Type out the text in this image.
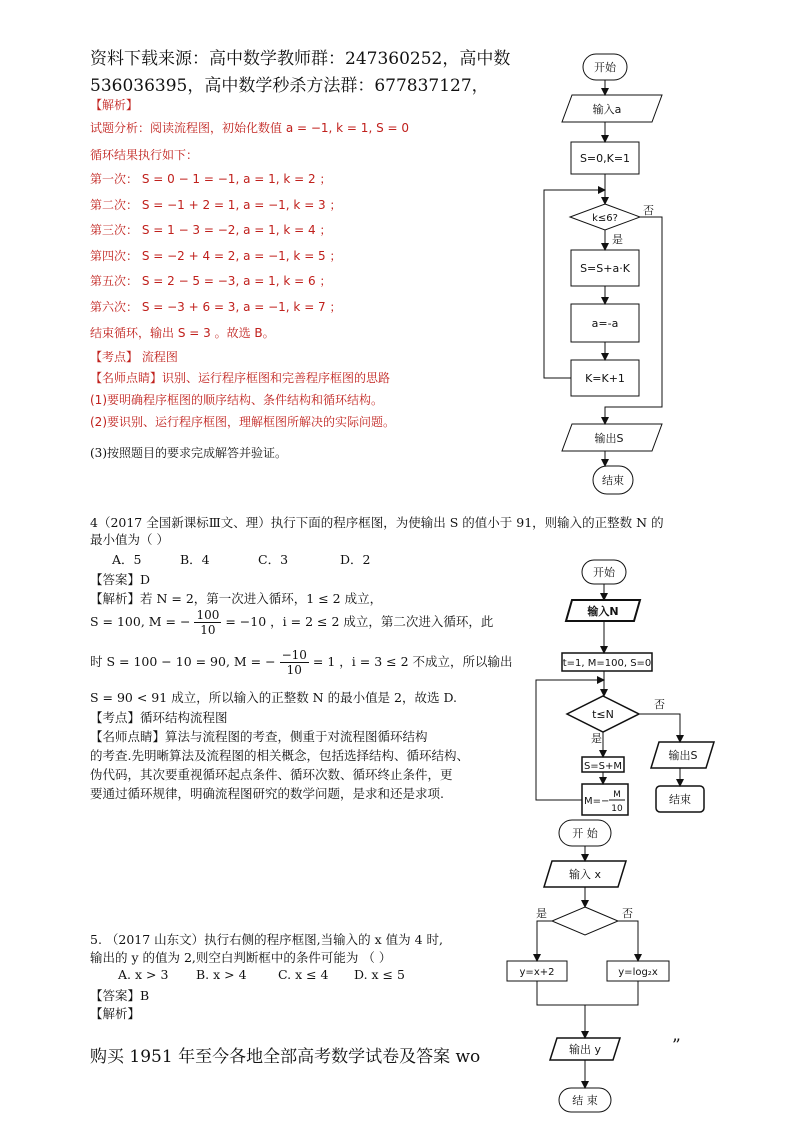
资料下载来源：高中数学教师群：247360252，高中数
536036395，高中数学秒杀方法群：677837127，
【解析】
试题分析：阅读流程图，初始化数值 a = −1, k = 1, S = 0
循环结果执行如下：
第一次： S = 0 − 1 = −1, a = 1, k = 2 ；
第二次： S = −1 + 2 = 1, a = −1, k = 3 ；
第三次： S = 1 − 3 = −2, a = 1, k = 4 ；
第四次： S = −2 + 4 = 2, a = −1, k = 5 ；
第五次： S = 2 − 5 = −3, a = 1, k = 6 ；
第六次： S = −3 + 6 = 3, a = −1, k = 7 ；
结束循环，输出 S = 3 。故选 B。
【考点】 流程图
【名师点睛】识别、运行程序框图和完善程序框图的思路
(1)要明确程序框图的顺序结构、条件结构和循环结构。
(2)要识别、运行程序框图，理解框图所解决的实际问题。
(3)按照题目的要求完成解答并验证。
4（2017 全国新课标Ⅲ文、理）执行下面的程序框图，为使输出 S 的值小于 91，则输入的正整数 N 的
最小值为（ ）
A．5	B．4	C．3	D．2
【答案】D
【解析】若 N = 2，第一次进入循环，1 ≤ 2 成立，
S = 100, M = − $\frac{100}{10} = -10$ ，i = 2 ≤ 2 成立，第二次进入循环，此
时 S = 100 − 10 = 90, M = − $\frac{-10}{10} = 1$ ，i = 3 ≤ 2 不成立，所以输出
S = 90 < 91 成立，所以输入的正整数 N 的最小值是 2，故选 D.
【考点】循环结构流程图
【名师点睛】算法与流程图的考查，侧重于对流程图循环结构
的考查.先明晰算法及流程图的相关概念，包括选择结构、循环结构、
伪代码，其次要重视循环起点条件、循环次数、循环终止条件，更
要通过循环规律，明确流程图研究的数学问题，是求和还是求项.
5. （2017 山东文）执行右侧的程序框图,当输入的 x 值为 4 时,
输出的 y 的值为 2,则空白判断框中的条件可能为 （ ）
A. x > 3 B. x > 4	C. x ≤ 4 D. x ≤ 5
【答案】B
【解析】
购买 1951 年至今各地全部高考数学试卷及答案 wo
”
开始
输入a
S=0,K=1
k≤6?
否
是
S=S+a·K
a=-a
K=K+1
输出S
结束
开始
输入N
t=1, M=100, S=0
t≤N
否
是
S=S+M
M=−
M
10
输出S
结束
开 始
输入 x
是	否
y=x+2	y=log₂x
输出 y
结 束
